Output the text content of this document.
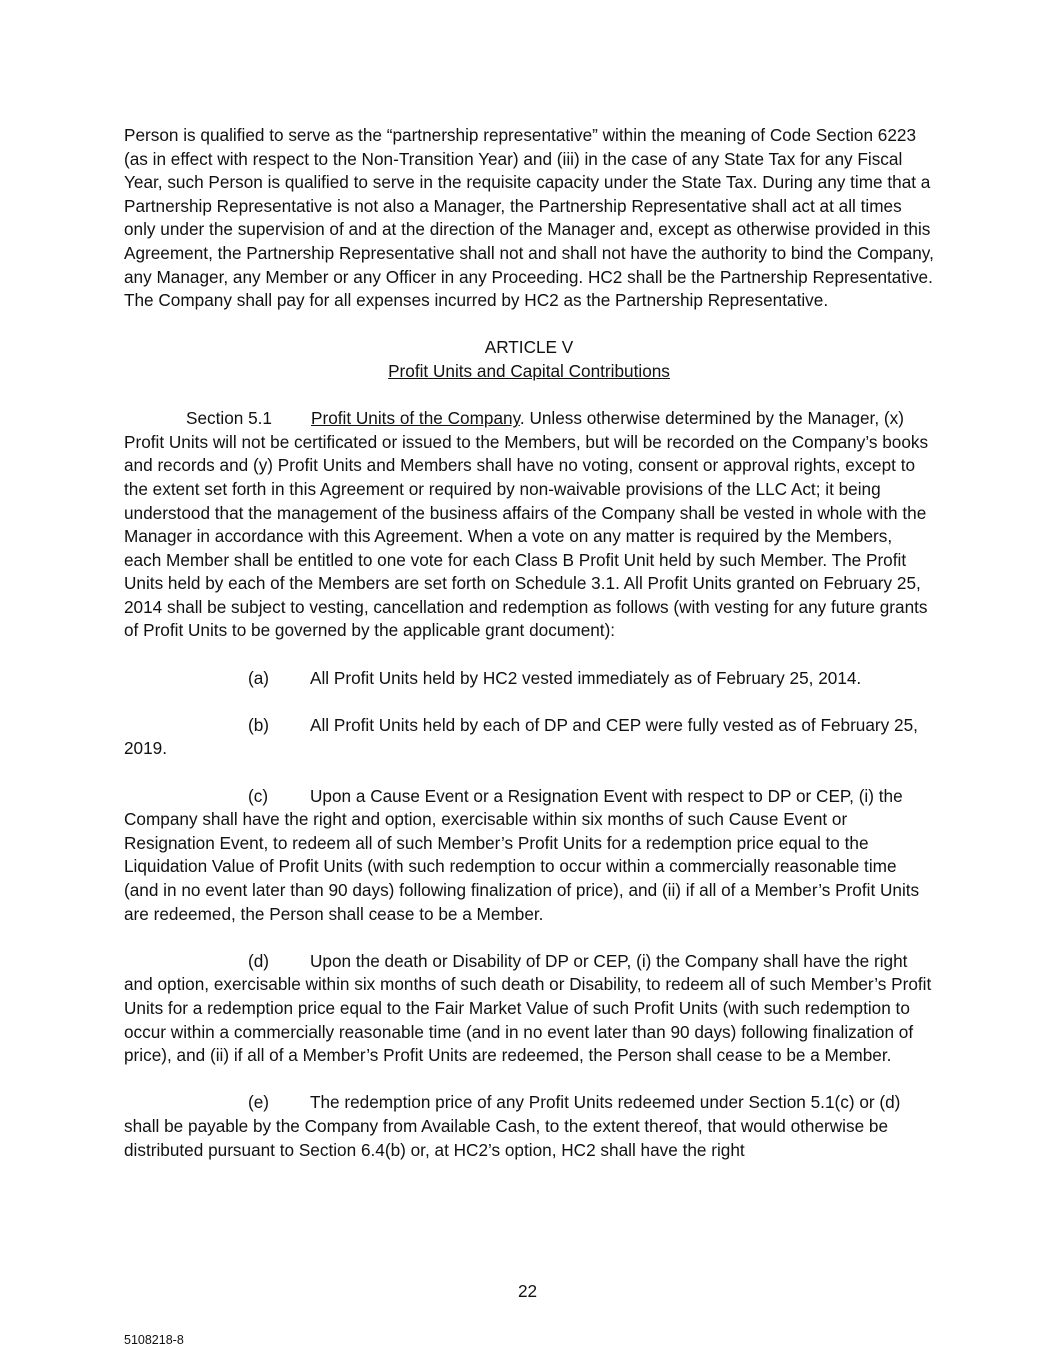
Person is qualified to serve as the “partnership representative” within the meaning of Code Section 6223 (as in effect with respect to the Non-Transition Year) and (iii) in the case of any State Tax for any Fiscal Year, such Person is qualified to serve in the requisite capacity under the State Tax. During any time that a Partnership Representative is not also a Manager, the Partnership Representative shall act at all times only under the supervision of and at the direction of the Manager and, except as otherwise provided in this Agreement, the Partnership Representative shall not and shall not have the authority to bind the Company, any Manager, any Member or any Officer in any Proceeding. HC2 shall be the Partnership Representative. The Company shall pay for all expenses incurred by HC2 as the Partnership Representative.

ARTICLE V
Profit Units and Capital Contributions

Section 5.1 Profit Units of the Company. Unless otherwise determined by the Manager, (x) Profit Units will not be certificated or issued to the Members, but will be recorded on the Company’s books and records and (y) Profit Units and Members shall have no voting, consent or approval rights, except to the extent set forth in this Agreement or required by non-waivable provisions of the LLC Act; it being understood that the management of the business affairs of the Company shall be vested in whole with the Manager in accordance with this Agreement. When a vote on any matter is required by the Members, each Member shall be entitled to one vote for each Class B Profit Unit held by such Member. The Profit Units held by each of the Members are set forth on Schedule 3.1. All Profit Units granted on February 25, 2014 shall be subject to vesting, cancellation and redemption as follows (with vesting for any future grants of Profit Units to be governed by the applicable grant document):

(a) All Profit Units held by HC2 vested immediately as of February 25, 2014.

(b) All Profit Units held by each of DP and CEP were fully vested as of February 25, 2019.

(c) Upon a Cause Event or a Resignation Event with respect to DP or CEP, (i) the Company shall have the right and option, exercisable within six months of such Cause Event or Resignation Event, to redeem all of such Member’s Profit Units for a redemption price equal to the Liquidation Value of Profit Units (with such redemption to occur within a commercially reasonable time (and in no event later than 90 days) following finalization of price), and (ii) if all of a Member’s Profit Units are redeemed, the Person shall cease to be a Member.

(d) Upon the death or Disability of DP or CEP, (i) the Company shall have the right and option, exercisable within six months of such death or Disability, to redeem all of such Member’s Profit Units for a redemption price equal to the Fair Market Value of such Profit Units (with such redemption to occur within a commercially reasonable time (and in no event later than 90 days) following finalization of price), and (ii) if all of a Member’s Profit Units are redeemed, the Person shall cease to be a Member.

(e) The redemption price of any Profit Units redeemed under Section 5.1(c) or (d) shall be payable by the Company from Available Cash, to the extent thereof, that would otherwise be distributed pursuant to Section 6.4(b) or, at HC2’s option, HC2 shall have the right

22
5108218-8
